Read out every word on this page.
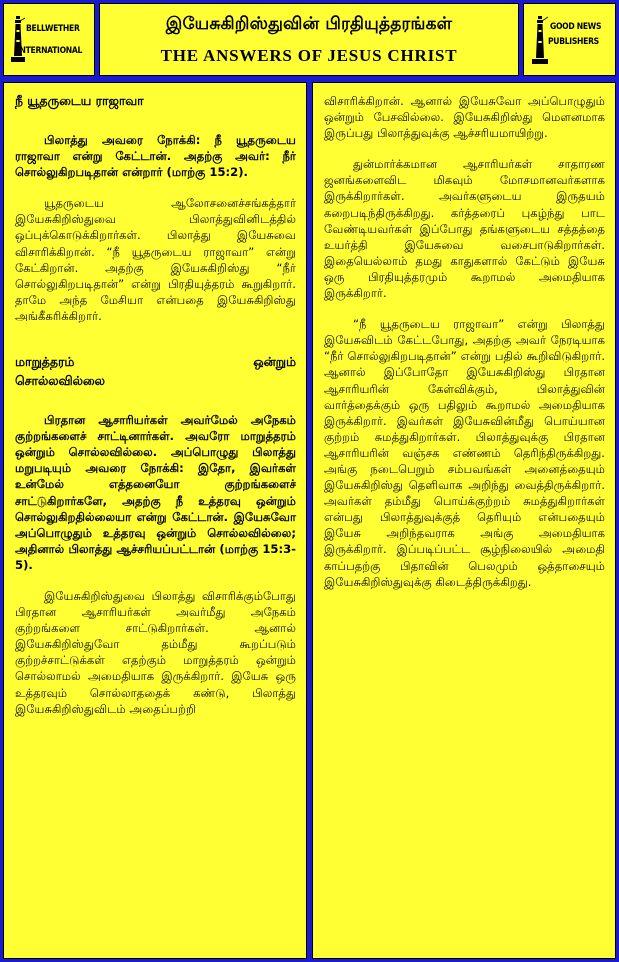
BELLWETHER
INTERNATIONAL
இயேசுகிறிஸ்துவின் பிரதியுத்தரங்கள்
THE ANSWERS OF JESUS CHRIST
GOOD NEWS
PUBLISHERS
நீ யூதருடைய ராஜாவா

பிலாத்து அவரை நோக்கி: நீ யூதருடைய ராஜாவா என்று கேட்டான். அதற்கு அவர்: நீர் சொல்லுகிறபடிதான் என்றார் (மாற்கு 15:2).

யூதருடைய ஆலோசனைச்சங்கத்தார் இயேசுகிறிஸ்துவை பிலாத்துவினிடத்தில் ஒப்புக்கொடுக்கிறார்கள். பிலாத்து இயேசுவை விசாரிக்கிறான். “நீ யூதருடைய ராஜாவா” என்று கேட்கிறான். அதற்கு இயேசுகிறிஸ்து “நீர் சொல்லுகிறபடிதான்” என்று பிரதியுத்தரம் கூறுகிறார். தாமே அந்த மேசியா என்பதை இயேசுகிறிஸ்து அங்கீகரிக்கிறார்.

மாறுத்தரம் ஒன்றும் சொல்லவில்லை

பிரதான ஆசாரியர்கள் அவர்மேல் அநேகம் குற்றங்களைச் சாட்டினார்கள். அவரோ மாறுத்தரம் ஒன்றும் சொல்லவில்லை. அப்பொழுது பிலாத்து மறுபடியும் அவரை நோக்கி: இதோ, இவர்கள் உன்மேல் எத்தனையோ குற்றங்களைச் சாட்டுகிறார்களே, அதற்கு நீ உத்தரவு ஒன்றும் சொல்லுகிறதில்லையா என்று கேட்டான். இயேசுவோ அப்பொழுதும் உத்தரவு ஒன்றும் சொல்லவில்லை; அதினால் பிலாத்து ஆச்சரியப்பட்டான் (மாற்கு 15:3-5).

இயேசுகிறிஸ்துவை பிலாத்து விசாரிக்கும்போது பிரதான ஆசாரியர்கள் அவர்மீது அநேகம் குற்றங்களை சாட்டுகிறார்கள். ஆனால் இயேசுகிறிஸ்துவோ தம்மீது கூறப்படும் குற்றச்சாட்டுக்கள் எதற்கும் மாறுத்தரம் ஒன்றும் சொல்லாமல் அமைதியாக இருக்கிறார். இயேசு ஒரு உத்தரவும் சொல்லாததைக் கண்டு, பிலாத்து இயேசுகிறிஸ்துவிடம் அதைப்பற்றி

விசாரிக்கிறான். ஆனால் இயேசுவோ அப்பொழுதும் ஒன்றும் பேசவில்லை. இயேசுகிறிஸ்து மௌனமாக இருப்பது பிலாத்துவுக்கு ஆச்சரியமாயிற்று.

துன்மார்க்கமான ஆசாரியர்கள் சாதாரண ஜனங்களைவிட மிகவும் மோசமானவர்களாக இருக்கிறார்கள். அவர்களுடைய இருதயம் கறைபடிந்திருக்கிறது. கர்த்தரைப் புகழ்ந்து பாட வேண்டியவர்கள் இப்போது தங்களுடைய சத்தத்தை உயர்த்தி இயேசுவை வசைபாடுகிறார்கள். இதையெல்லாம் தமது காதுகளால் கேட்டும் இயேசு ஒரு பிரதியுத்தரமும் கூறாமல் அமைதியாக இருக்கிறார்.

“நீ யூதருடைய ராஜாவா” என்று பிலாத்து இயேசுவிடம் கேட்டபோது, அதற்கு அவர் நேரடியாக “நீர் சொல்லுகிறபடிதான்” என்று பதில் கூறிவிடுகிறார். ஆனால் இப்போதோ இயேசுகிறிஸ்து பிரதான ஆசாரியரின் கேள்விக்கும், பிலாத்துவின் வார்த்தைக்கும் ஒரு பதிலும் கூறாமல் அமைதியாக இருக்கிறார். இவர்கள் இயேசுவின்மீது பொய்யான குற்றம் சுமத்துகிறார்கள். பிலாத்துவுக்கு பிரதான ஆசாரியரின் வஞ்சக எண்ணம் தெரிந்திருக்கிறது. அங்கு நடைபெறும் சம்பவங்கள் அனைத்தையும் இயேசுகிறிஸ்து தெளிவாக அறிந்து வைத்திருக்கிறார். அவர்கள் தம்மீது பொய்க்குற்றம் சுமத்துகிறார்கள் என்பது பிலாத்துவுக்குத் தெரியும் என்பதையும் இயேசு அறிந்தவராக அங்கு அமைதியாக இருக்கிறார். இப்படிப்பட்ட சூழ்நிலையில் அமைதி காப்பதற்கு பிதாவின் பெலமும் ஒத்தாசையும் இயேசுகிறிஸ்துவுக்கு கிடைத்திருக்கிறது.
